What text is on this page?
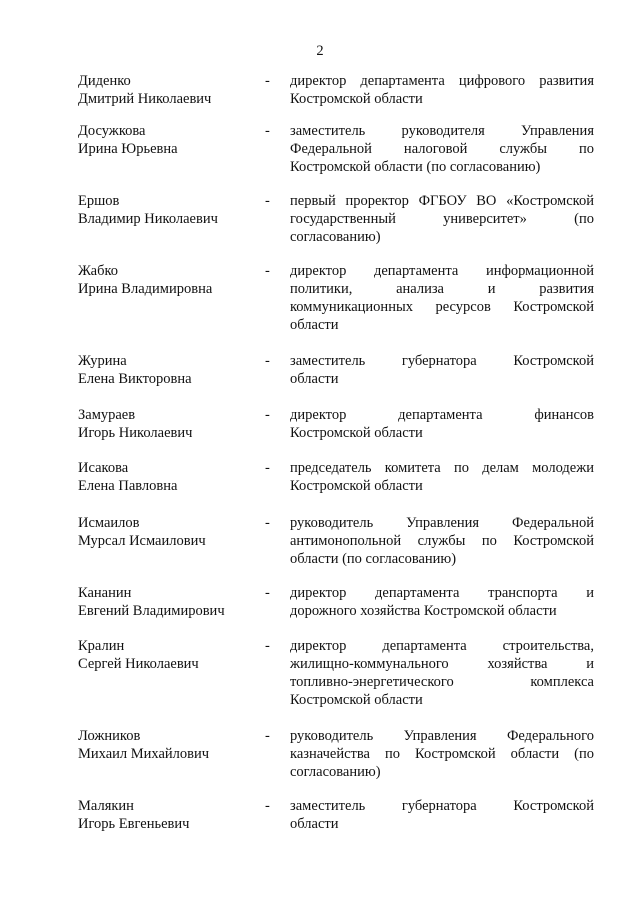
2
Диденко
Дмитрий Николаевич
-	директор департамента цифрового развития
Костромской области
Досужкова
Ирина Юрьевна
-	заместитель руководителя Управления
Федеральной налоговой службы по
Костромской области (по согласованию)
Ершов
Владимир Николаевич
-	первый проректор ФГБОУ ВО «Костромской
государственный университет» (по
согласованию)
Жабко
Ирина Владимировна
-	директор департамента информационной
политики, анализа и развития
коммуникационных ресурсов Костромской
области
Журина
Елена Викторовна
-	заместитель губернатора Костромской
области
Замураев
Игорь Николаевич
-	директор департамента финансов
Костромской области
Исакова
Елена Павловна
-	председатель комитета по делам молодежи
Костромской области
Исмаилов
Мурсал Исмаилович
-	руководитель Управления Федеральной
антимонопольной службы по Костромской
области (по согласованию)
Кананин
Евгений Владимирович
-	директор департамента транспорта и
дорожного хозяйства Костромской области
Кралин
Сергей Николаевич
-	директор департамента строительства,
жилищно-коммунального хозяйства и
топливно-энергетического комплекса
Костромской области
Ложников
Михаил Михайлович
-	руководитель Управления Федерального
казначейства по Костромской области (по
согласованию)
Малякин
Игорь Евгеньевич
-	заместитель губернатора Костромской
области
